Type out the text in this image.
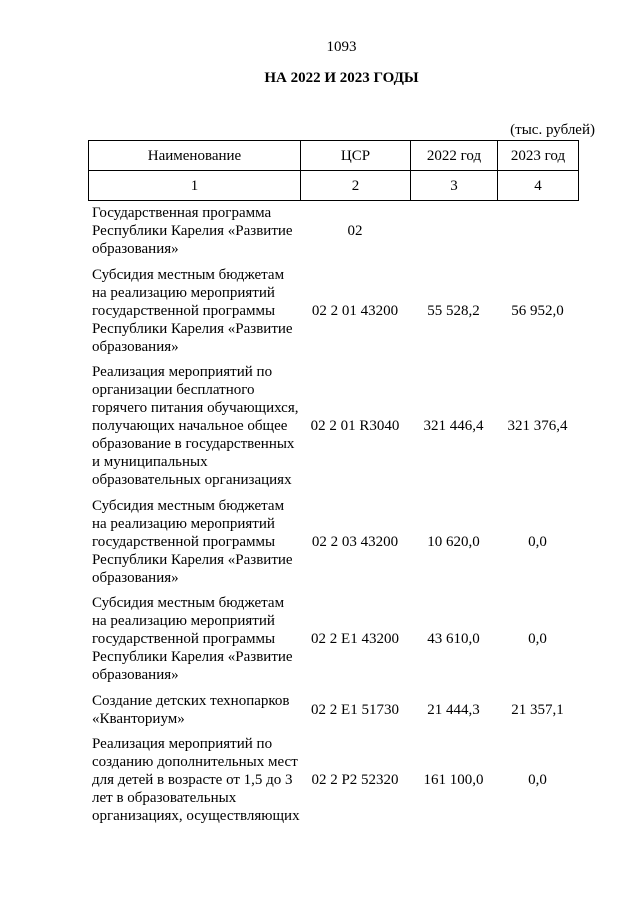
1093
НА 2022 И 2023 ГОДЫ
(тыс. рублей)
Наименование	ЦСР	2022 год	2023 год
1	2	3	4
Государственная программа
Республики Карелия «Развитие
образования»
02
Субсидия местным бюджетам
на реализацию мероприятий
государственной программы
Республики Карелия «Развитие
образования»
02 2 01 43200	55 528,2	56 952,0
Реализация мероприятий по
организации бесплатного
горячего питания обучающихся,
получающих начальное общее
образование в государственных
и муниципальных
образовательных организациях
02 2 01 R3040	321 446,4	321 376,4
Субсидия местным бюджетам
на реализацию мероприятий
государственной программы
Республики Карелия «Развитие
образования»
02 2 03 43200	10 620,0	0,0
Субсидия местным бюджетам
на реализацию мероприятий
государственной программы
Республики Карелия «Развитие
образования»
02 2 E1 43200	43 610,0	0,0
Создание детских технопарков
«Кванториум»
02 2 E1 51730	21 444,3	21 357,1
Реализация мероприятий по
созданию дополнительных мест
для детей в возрасте от 1,5 до 3
лет в образовательных
организациях, осуществляющих
02 2 P2 52320	161 100,0	0,0
